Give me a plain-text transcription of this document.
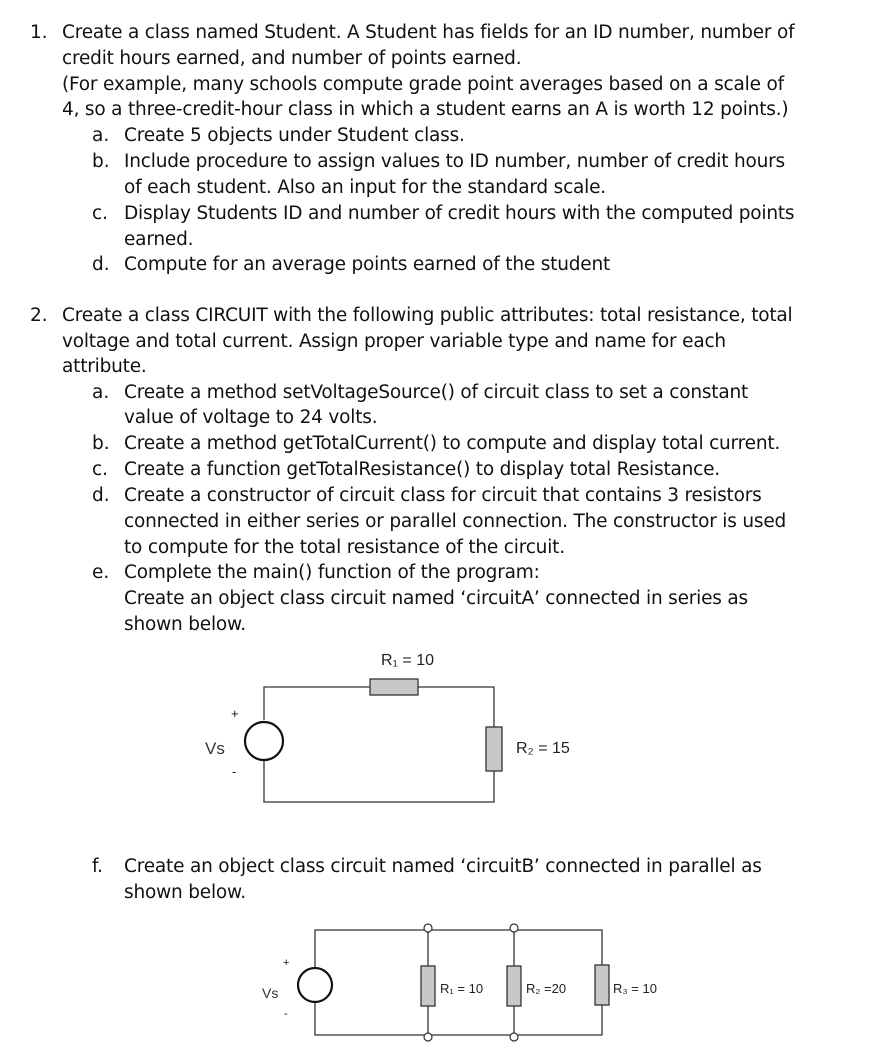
1. Create a class named Student. A Student has fields for an ID number, number of
credit hours earned, and number of points earned.
(For example, many schools compute grade point averages based on a scale of
4, so a three-credit-hour class in which a student earns an A is worth 12 points.)
a. Create 5 objects under Student class.
b. Include procedure to assign values to ID number, number of credit hours
of each student. Also an input for the standard scale.
c. Display Students ID and number of credit hours with the computed points
earned.
d. Compute for an average points earned of the student
2. Create a class CIRCUIT with the following public attributes: total resistance, total
voltage and total current. Assign proper variable type and name for each
attribute.
a. Create a method setVoltageSource() of circuit class to set a constant
value of voltage to 24 volts.
b. Create a method getTotalCurrent() to compute and display total current.
c. Create a function getTotalResistance() to display total Resistance.
d. Create a constructor of circuit class for circuit that contains 3 resistors
connected in either series or parallel connection. The constructor is used
to compute for the total resistance of the circuit.
e. Complete the main() function of the program:
Create an object class circuit named ‘circuitA’ connected in series as
shown below.
+
-
Vs
R₁ = 10
R₂ = 15
f. Create an object class circuit named ‘circuitB’ connected in parallel as
shown below.
+
-
Vs	R₁ = 10	R₂ =20	R₃ = 10
